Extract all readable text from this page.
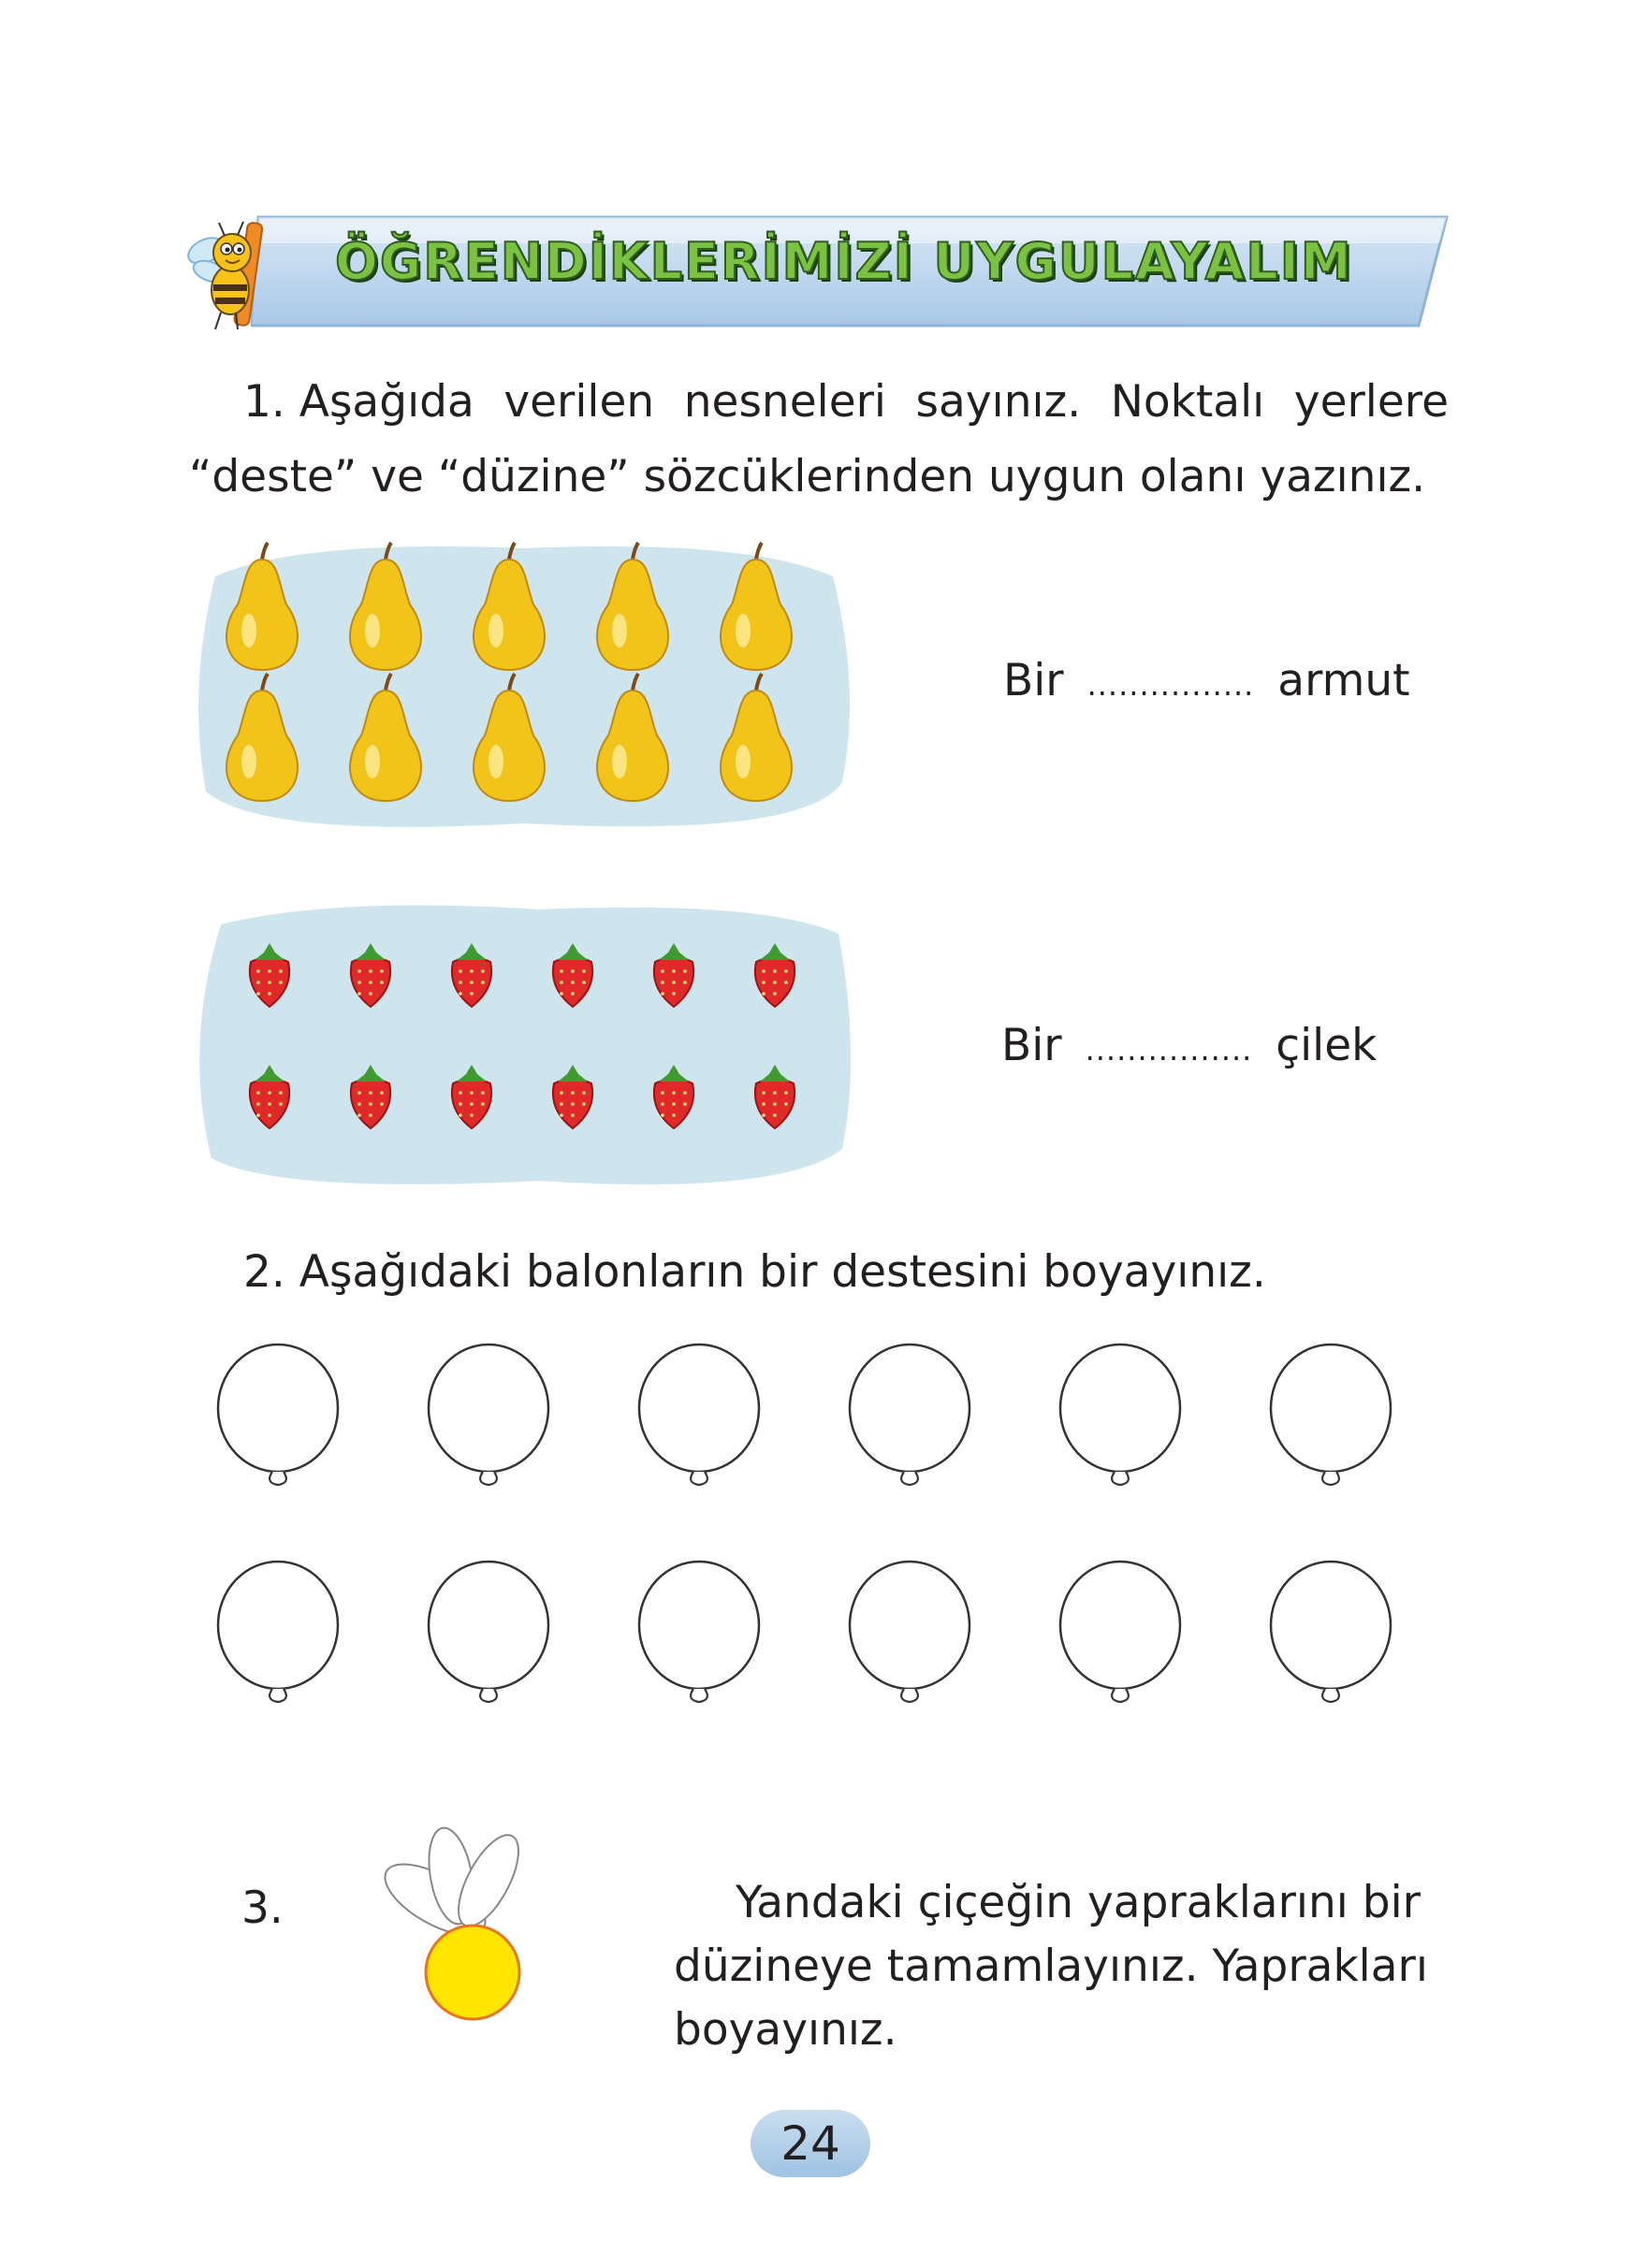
ÖĞRENDİKLERİMİZİ UYGULAYALIM
1. Aşağıda verilen nesneleri sayınız. Noktalı yerlere
“deste” ve “düzine” sözcüklerinden uygun olanı yazınız.
Bir ................ armut
Bir ................ çilek
2. Aşağıdaki balonların bir destesini boyayınız.
3.	Yandaki çiçeğin yapraklarını bir
düzineye tamamlayınız. Yaprakları
boyayınız.
24
